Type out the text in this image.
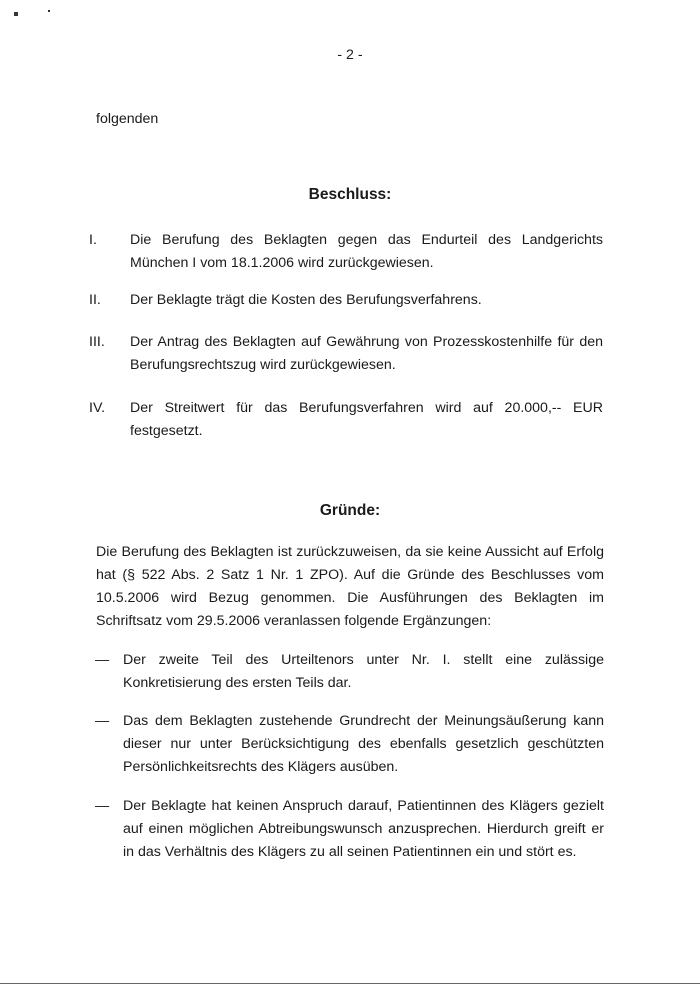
- 2 -
folgenden
Beschluss:
I.	Die Berufung des Beklagten gegen das Endurteil des Landgerichts München I vom 18.1.2006 wird zurückgewiesen.
II.	Der Beklagte trägt die Kosten des Berufungsverfahrens.
III.	Der Antrag des Beklagten auf Gewährung von Prozesskostenhilfe für den Berufungsrechtszug wird zurückgewiesen.
IV.	Der Streitwert für das Berufungsverfahren wird auf 20.000,-- EUR festgesetzt.
Gründe:
Die Berufung des Beklagten ist zurückzuweisen, da sie keine Aussicht auf Erfolg hat (§ 522 Abs. 2 Satz 1 Nr. 1 ZPO). Auf die Gründe des Beschlusses vom 10.5.2006 wird Bezug genommen. Die Ausführungen des Beklagten im Schriftsatz vom 29.5.2006 veranlassen folgende Ergänzungen:
— Der zweite Teil des Urteiltenors unter Nr. I. stellt eine zulässige Konkretisierung des ersten Teils dar.
— Das dem Beklagten zustehende Grundrecht der Meinungsäußerung kann dieser nur unter Berücksichtigung des ebenfalls gesetzlich geschützten Persönlichkeitsrechts des Klägers ausüben.
— Der Beklagte hat keinen Anspruch darauf, Patientinnen des Klägers gezielt auf einen möglichen Abtreibungswunsch anzusprechen. Hierdurch greift er in das Verhältnis des Klägers zu all seinen Patientinnen ein und stört es.
